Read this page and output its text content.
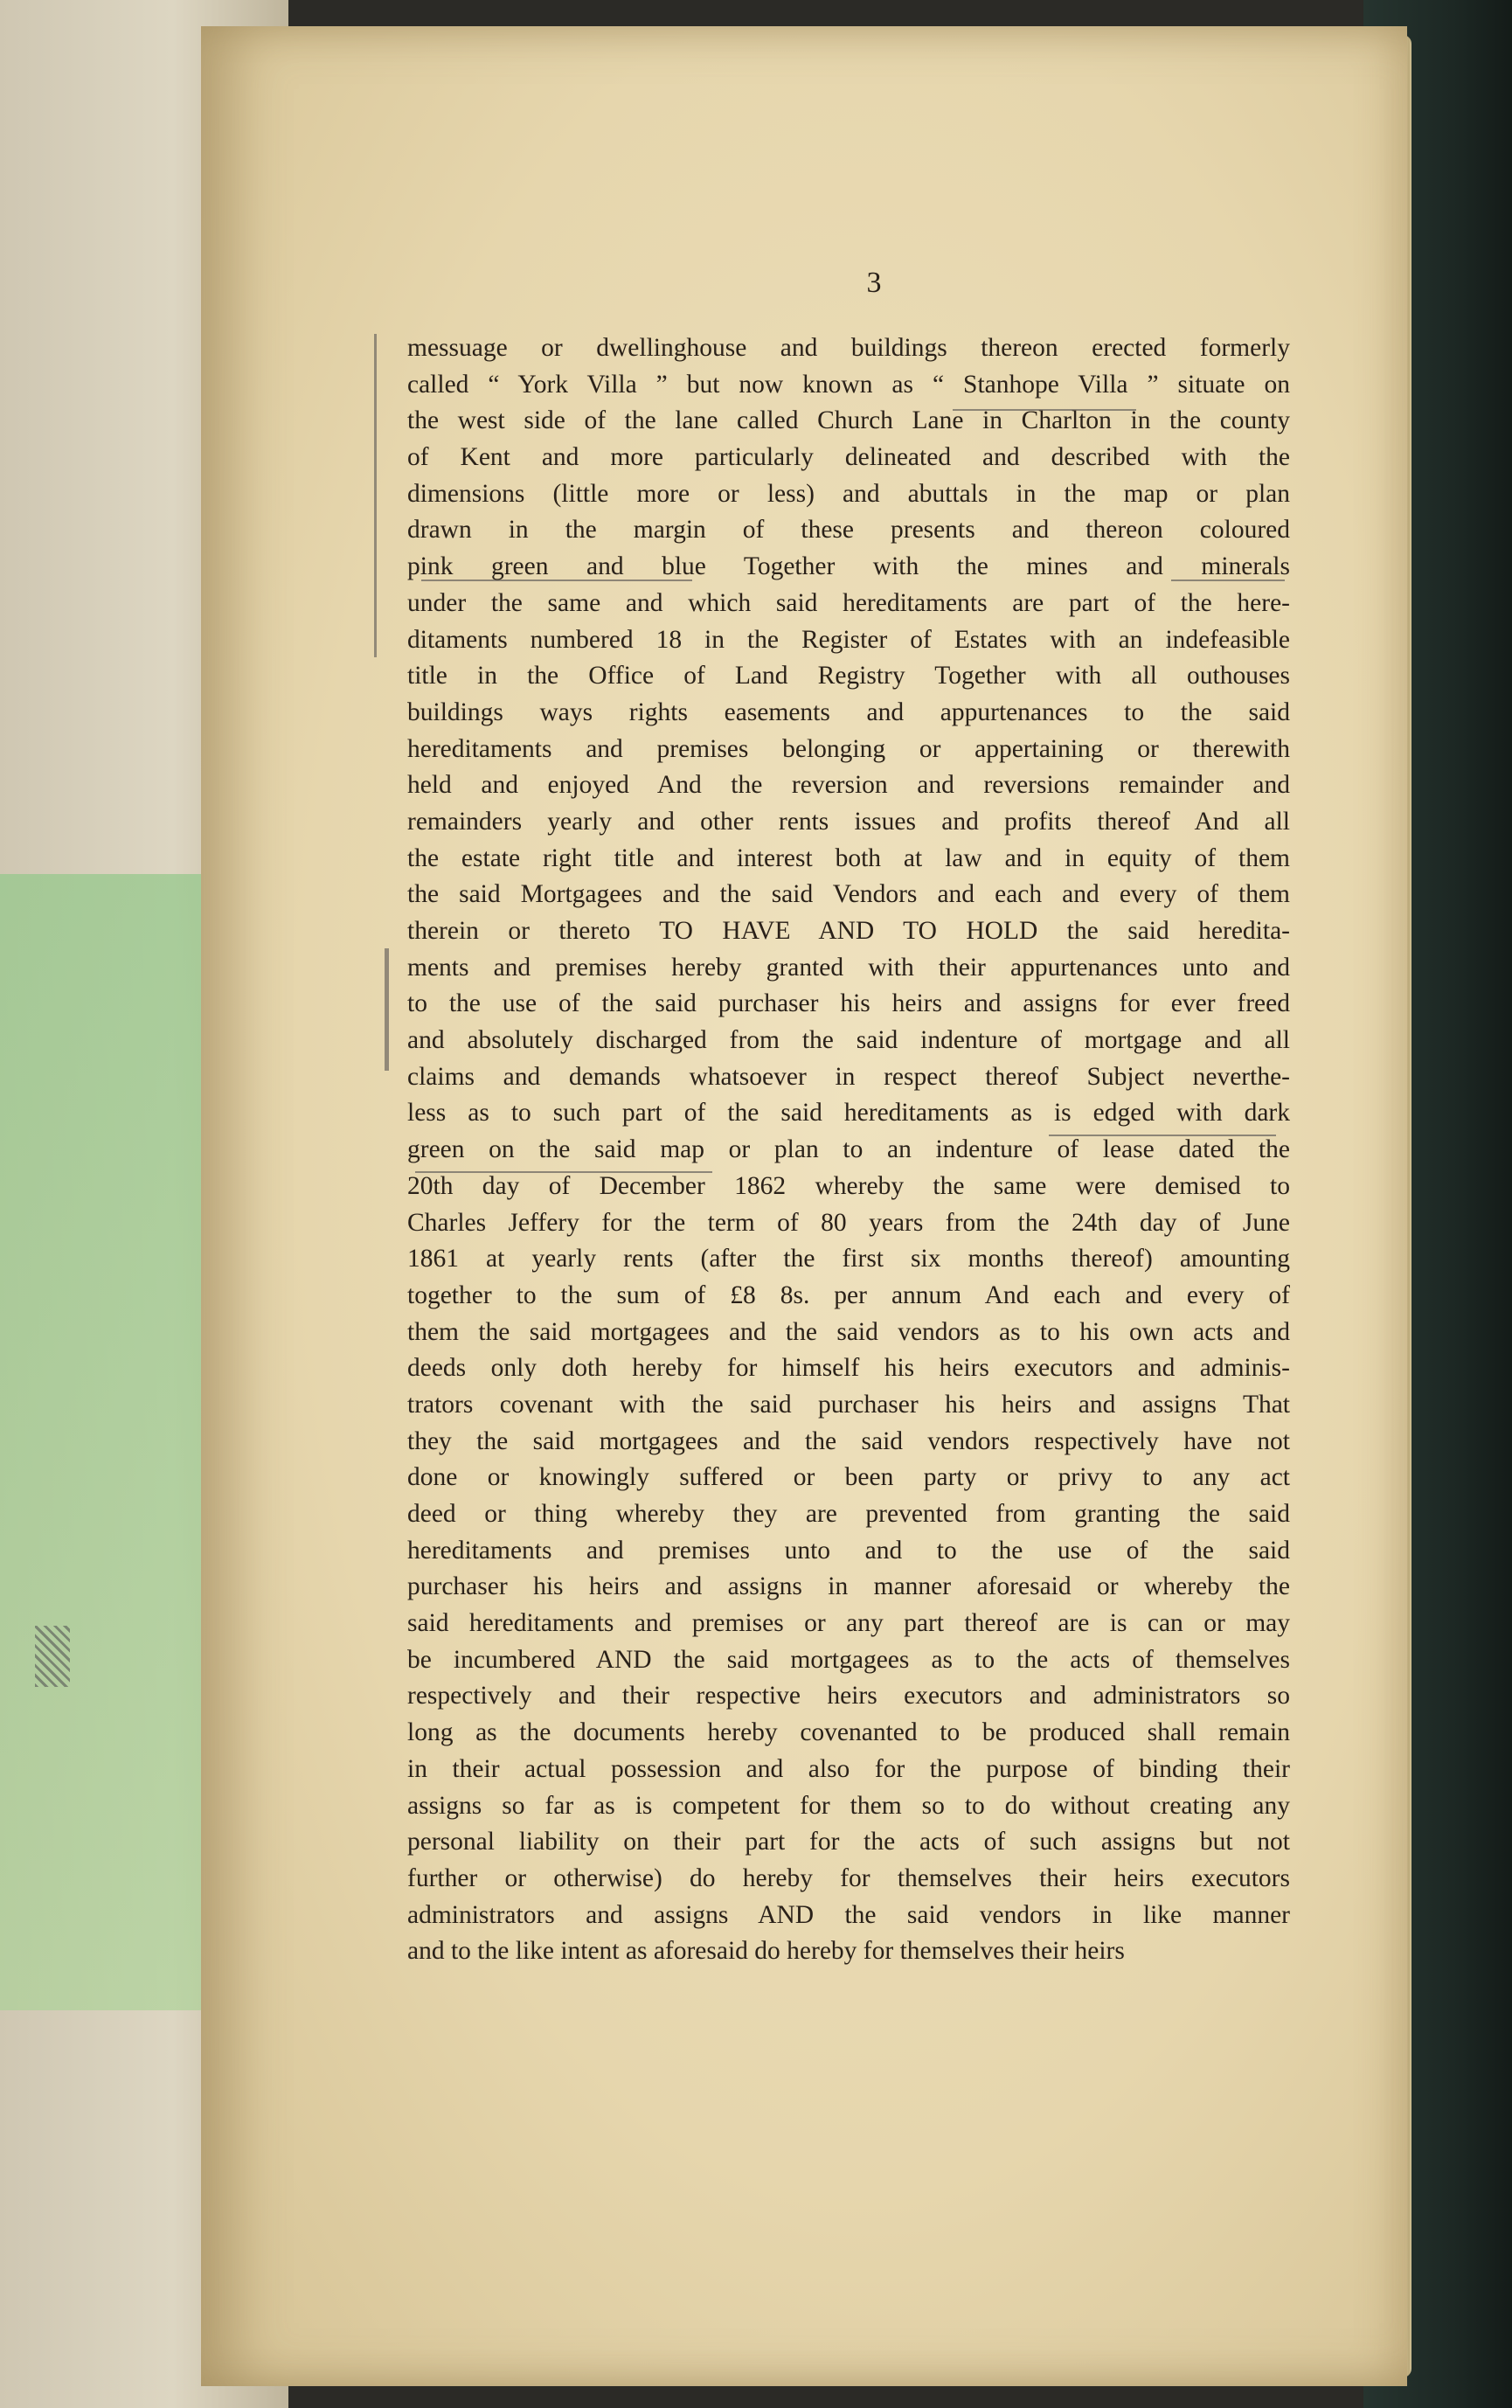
3
messuage or dwellinghouse and buildings thereon erected formerly
called “ York Villa ” but now known as “ Stanhope Villa ” situate on
the west side of the lane called Church Lane in Charlton in the county
of Kent and more particularly delineated and described with the
dimensions (little more or less) and abuttals in the map or plan
drawn in the margin of these presents and thereon coloured
pink green and blue Together with the mines and minerals
under the same and which said hereditaments are part of the here-
ditaments numbered 18 in the Register of Estates with an indefeasible
title in the Office of Land Registry Together with all outhouses
buildings ways rights easements and appurtenances to the said
hereditaments and premises belonging or appertaining or therewith
held and enjoyed And the reversion and reversions remainder and
remainders yearly and other rents issues and profits thereof And all
the estate right title and interest both at law and in equity of them
the said Mortgagees and the said Vendors and each and every of them
therein or thereto TO HAVE AND TO HOLD the said heredita-
ments and premises hereby granted with their appurtenances unto and
to the use of the said purchaser his heirs and assigns for ever freed
and absolutely discharged from the said indenture of mortgage and all
claims and demands whatsoever in respect thereof Subject neverthe-
less as to such part of the said hereditaments as is edged with dark
green on the said map or plan to an indenture of lease dated the
20th day of December 1862 whereby the same were demised to
Charles Jeffery for the term of 80 years from the 24th day of June
1861 at yearly rents (after the first six months thereof) amounting
together to the sum of £8 8s. per annum And each and every of
them the said mortgagees and the said vendors as to his own acts and
deeds only doth hereby for himself his heirs executors and adminis-
trators covenant with the said purchaser his heirs and assigns That
they the said mortgagees and the said vendors respectively have not
done or knowingly suffered or been party or privy to any act
deed or thing whereby they are prevented from granting the said
hereditaments and premises unto and to the use of the said
purchaser his heirs and assigns in manner aforesaid or whereby the
said hereditaments and premises or any part thereof are is can or may
be incumbered AND the said mortgagees as to the acts of themselves
respectively and their respective heirs executors and administrators so
long as the documents hereby covenanted to be produced shall remain
in their actual possession and also for the purpose of binding their
assigns so far as is competent for them so to do without creating any
personal liability on their part for the acts of such assigns but not
further or otherwise) do hereby for themselves their heirs executors
administrators and assigns AND the said vendors in like manner
and to the like intent as aforesaid do hereby for themselves their heirs
